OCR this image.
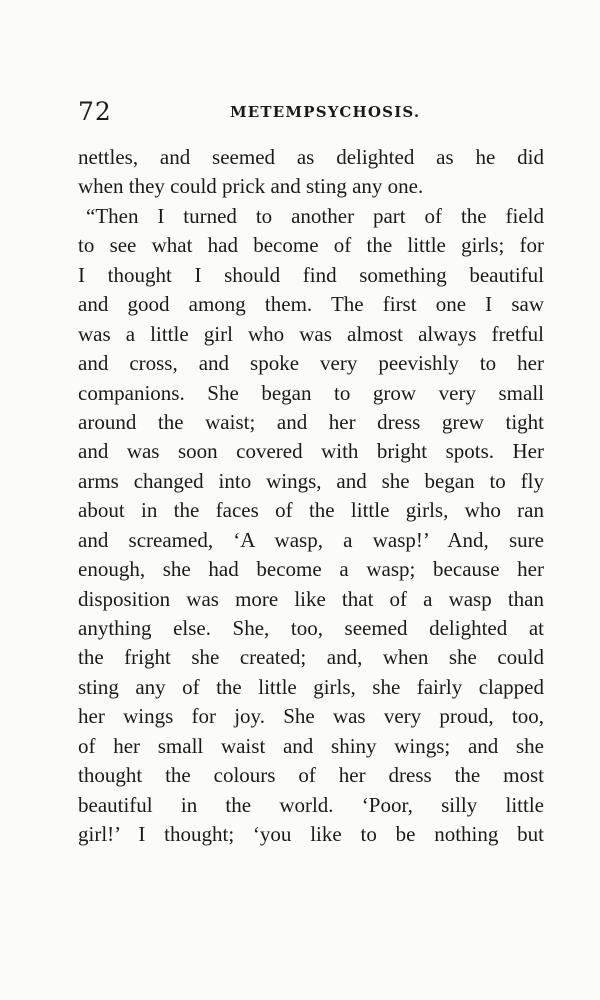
72	METEMPSYCHOSIS.
nettles, and seemed as delighted as he did
when they could prick and sting any one.
“Then I turned to another part of the field
to see what had become of the little girls; for
I thought I should find something beautiful
and good among them. The first one I saw
was a little girl who was almost always fretful
and cross, and spoke very peevishly to her
companions. She began to grow very small
around the waist; and her dress grew tight
and was soon covered with bright spots. Her
arms changed into wings, and she began to fly
about in the faces of the little girls, who ran
and screamed, ‘A wasp, a wasp!’ And, sure
enough, she had become a wasp; because her
disposition was more like that of a wasp than
anything else. She, too, seemed delighted at
the fright she created; and, when she could
sting any of the little girls, she fairly clapped
her wings for joy. She was very proud, too,
of her small waist and shiny wings; and she
thought the colours of her dress the most
beautiful in the world. ‘Poor, silly little
girl!’ I thought; ‘you like to be nothing but
